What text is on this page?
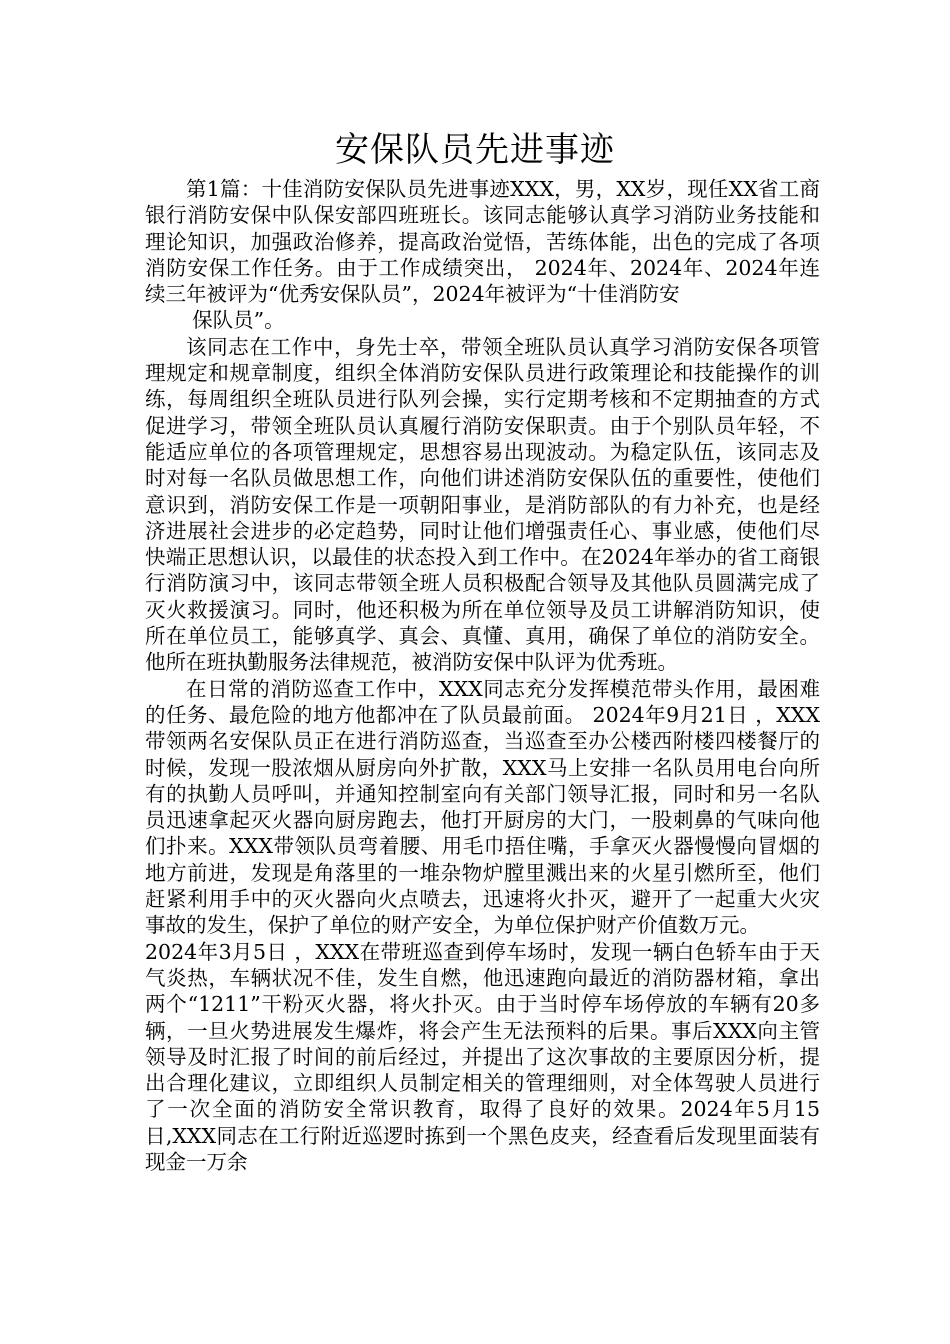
安保队员先进事迹

第1篇：十佳消防安保队员先进事迹XXX，男，XX岁，现任XX省工商银行消防安保中队保安部四班班长。该同志能够认真学习消防业务技能和理论知识，加强政治修养，提高政治觉悟，苦练体能，出色的完成了各项消防安保工作任务。由于工作成绩突出， 2024年、2024年、2024年连续三年被评为“优秀安保队员”，2024年被评为“十佳消防安

保队员”。

该同志在工作中，身先士卒，带领全班队员认真学习消防安保各项管理规定和规章制度，组织全体消防安保队员进行政策理论和技能操作的训练，每周组织全班队员进行队列会操，实行定期考核和不定期抽查的方式促进学习，带领全班队员认真履行消防安保职责。由于个别队员年轻，不能适应单位的各项管理规定，思想容易出现波动。为稳定队伍，该同志及时对每一名队员做思想工作，向他们讲述消防安保队伍的重要性，使他们意识到，消防安保工作是一项朝阳事业，是消防部队的有力补充，也是经济进展社会进步的必定趋势，同时让他们增强责任心、事业感，使他们尽快端正思想认识，以最佳的状态投入到工作中。在2024年举办的省工商银行消防演习中，该同志带领全班人员积极配合领导及其他队员圆满完成了灭火救援演习。同时，他还积极为所在单位领导及员工讲解消防知识，使所在单位员工，能够真学、真会、真懂、真用，确保了单位的消防安全。他所在班执勤服务法律规范，被消防安保中队评为优秀班。

在日常的消防巡查工作中，XXX同志充分发挥模范带头作用，最困难的任务、最危险的地方他都冲在了队员最前面。 2024年9月21日 ，XXX带领两名安保队员正在进行消防巡查，当巡查至办公楼西附楼四楼餐厅的时候，发现一股浓烟从厨房向外扩散，XXX马上安排一名队员用电台向所有的执勤人员呼叫，并通知控制室向有关部门领导汇报，同时和另一名队员迅速拿起灭火器向厨房跑去，他打开厨房的大门，一股刺鼻的气味向他们扑来。XXX带领队员弯着腰、用毛巾捂住嘴，手拿灭火器慢慢向冒烟的地方前进，发现是角落里的一堆杂物炉膛里溅出来的火星引燃所至，他们赶紧利用手中的灭火器向火点喷去，迅速将火扑灭，避开了一起重大火灾事故的发生，保护了单位的财产安全，为单位保护财产价值数万元。

2024年3月5日 ，XXX在带班巡查到停车场时，发现一辆白色轿车由于天气炎热，车辆状况不佳，发生自燃，他迅速跑向最近的消防器材箱，拿出两个“1211”干粉灭火器，将火扑灭。由于当时停车场停放的车辆有20多辆，一旦火势进展发生爆炸，将会产生无法预料的后果。事后XXX向主管领导及时汇报了时间的前后经过，并提出了这次事故的主要原因分析，提出合理化建议，立即组织人员制定相关的管理细则，对全体驾驶人员进行了一次全面的消防安全常识教育，取得了良好的效果。2024年5月15日,XXX同志在工行附近巡逻时拣到一个黑色皮夹，经查看后发现里面装有现金一万余
